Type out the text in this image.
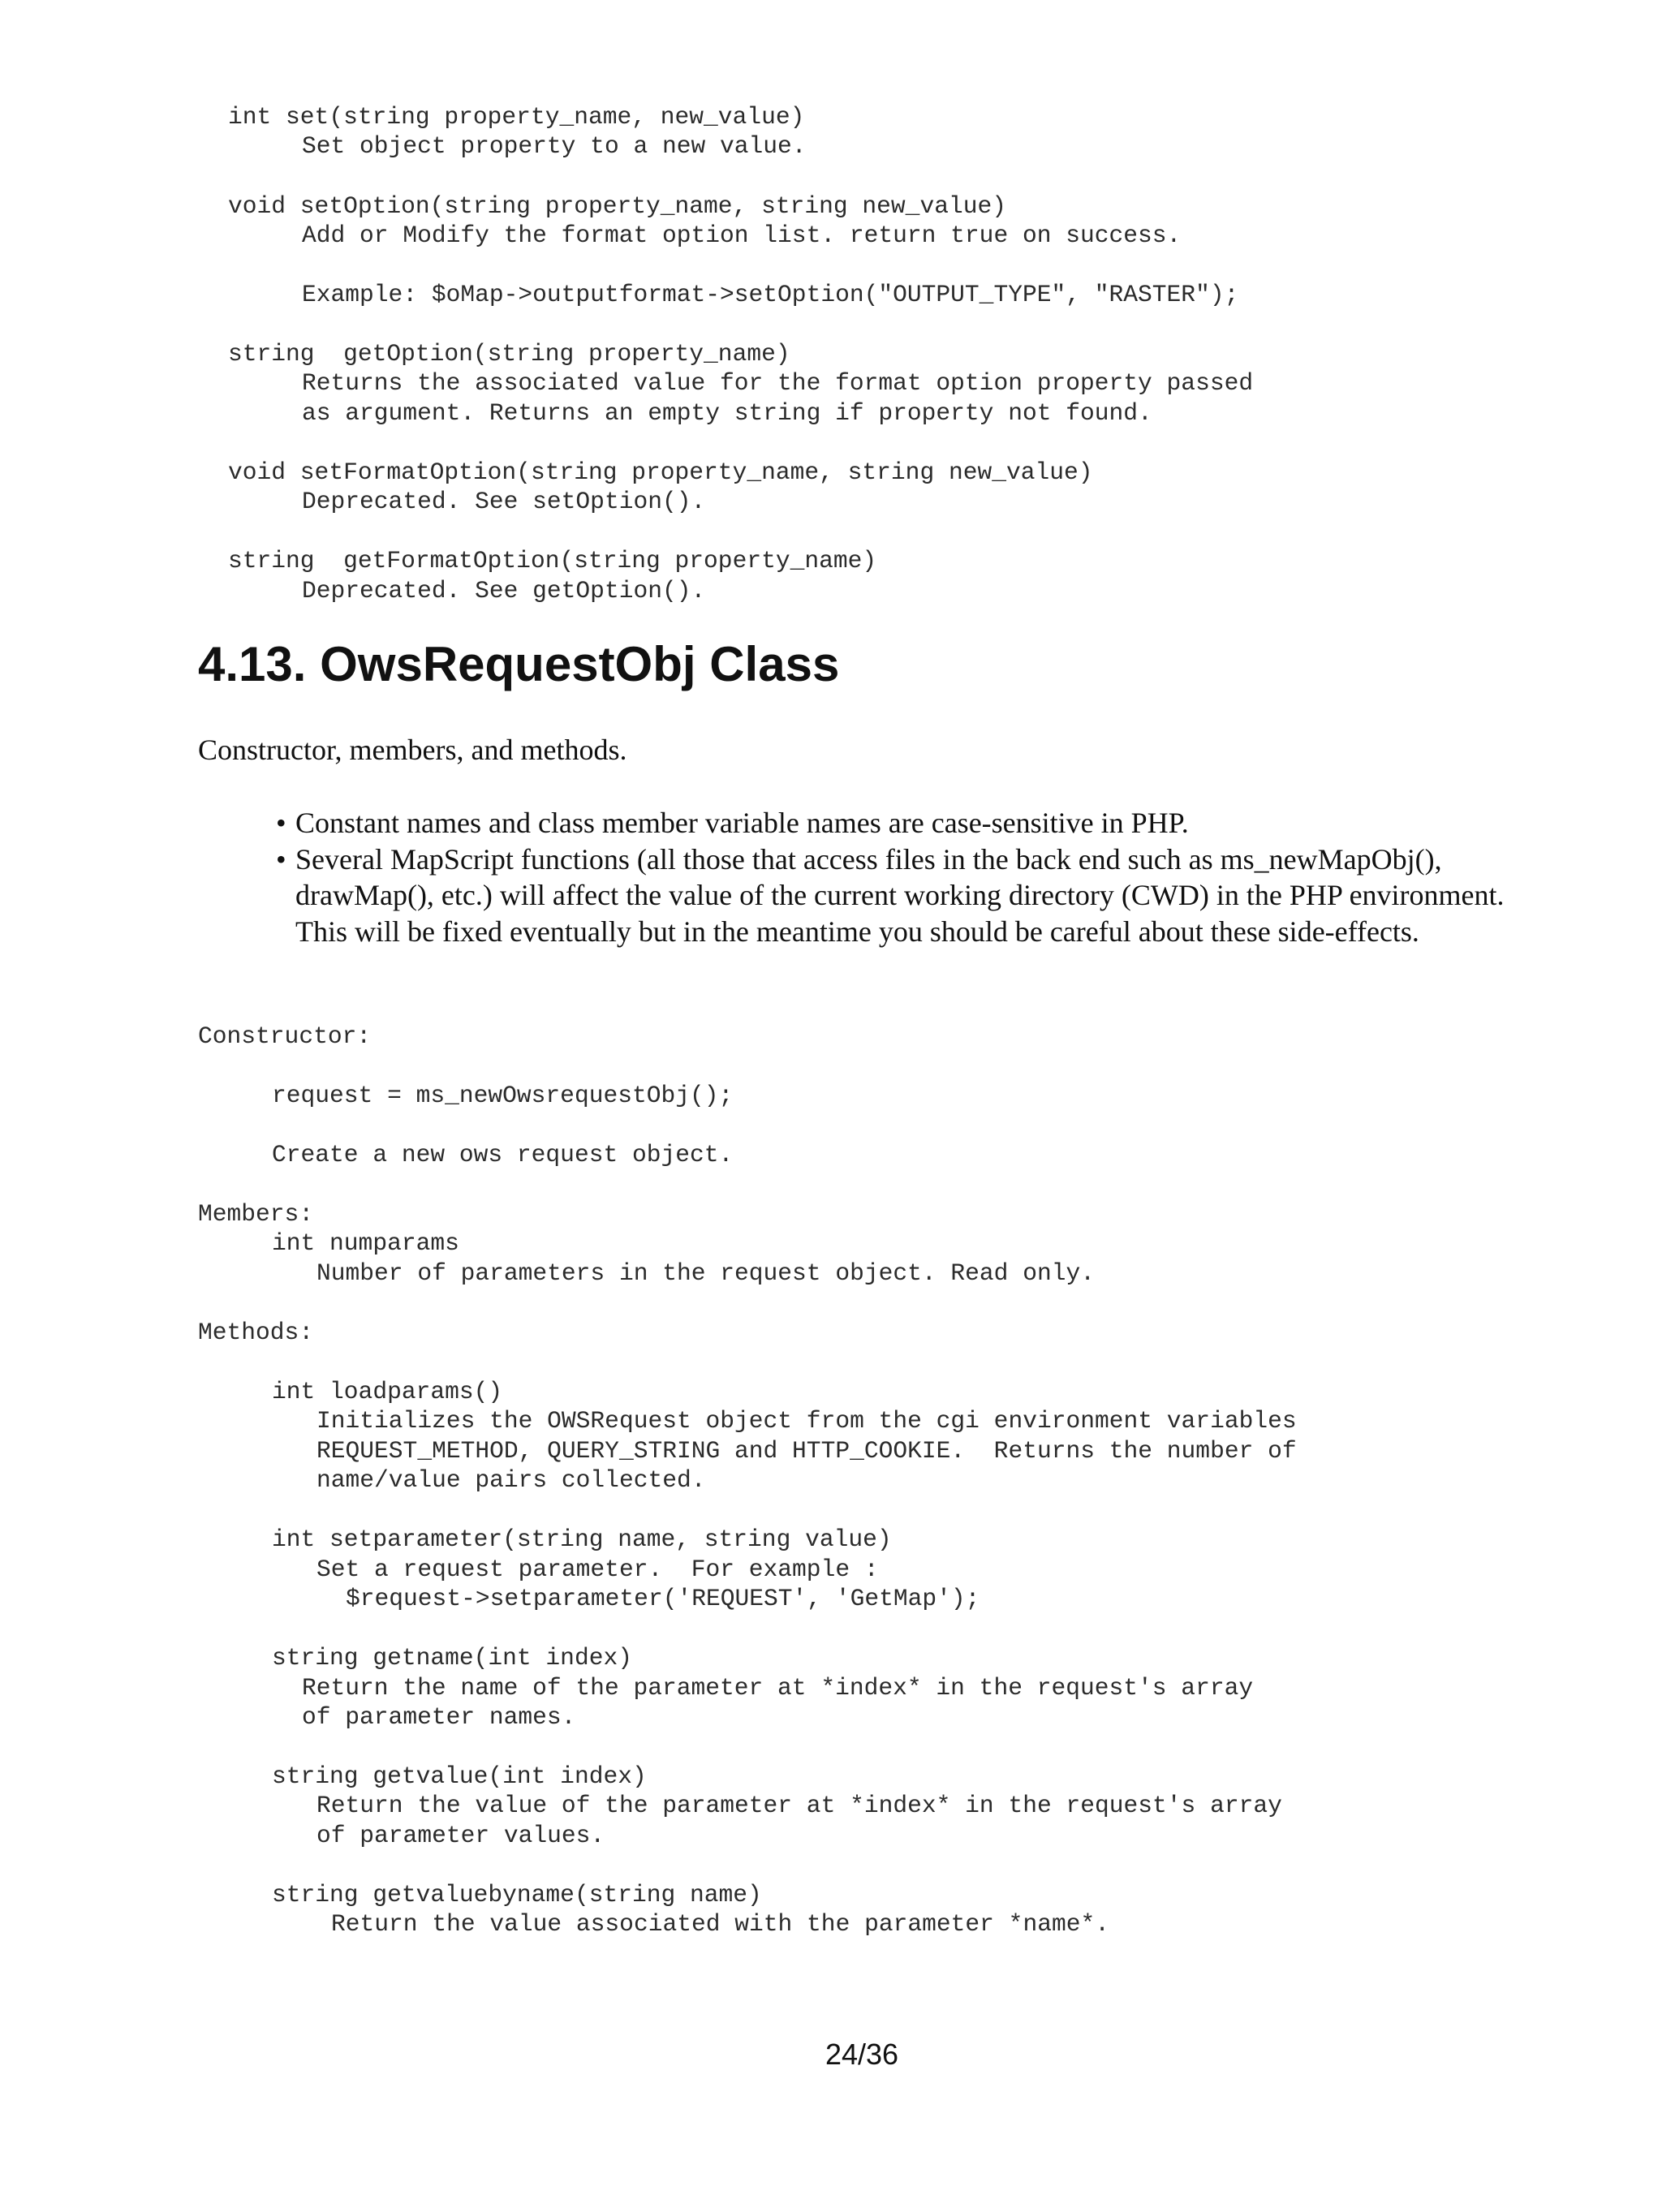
int set(string property_name, new_value)
Set object property to a new value.
void setOption(string property_name, string new_value)
Add or Modify the format option list. return true on success.
Example: $oMap->outputformat->setOption("OUTPUT_TYPE", "RASTER");
string  getOption(string property_name)
Returns the associated value for the format option property passed
as argument. Returns an empty string if property not found.
void setFormatOption(string property_name, string new_value)
Deprecated. See setOption().
string  getFormatOption(string property_name)
Deprecated. See getOption().
4.13. OwsRequestObj Class

Constructor, members, and methods.

• Constant names and class member variable names are case-sensitive in PHP.
• Several MapScript functions (all those that access files in the back end such as ms_newMapObj(), drawMap(), etc.) will affect the value of the current working directory (CWD) in the PHP environment. This will be fixed eventually but in the meantime you should be careful about these side-effects.
Constructor:
request = ms_newOwsrequestObj();
Create a new ows request object.
Members:
int numparams
Number of parameters in the request object. Read only.
Methods:
int loadparams()
Initializes the OWSRequest object from the cgi environment variables
REQUEST_METHOD, QUERY_STRING and HTTP_COOKIE.  Returns the number of
name/value pairs collected.
int setparameter(string name, string value)
Set a request parameter.  For example :
$request->setparameter('REQUEST', 'GetMap');
string getname(int index)
Return the name of the parameter at *index* in the request's array
of parameter names.
string getvalue(int index)
Return the value of the parameter at *index* in the request's array
of parameter values.
string getvaluebyname(string name)
Return the value associated with the parameter *name*.
24/36
